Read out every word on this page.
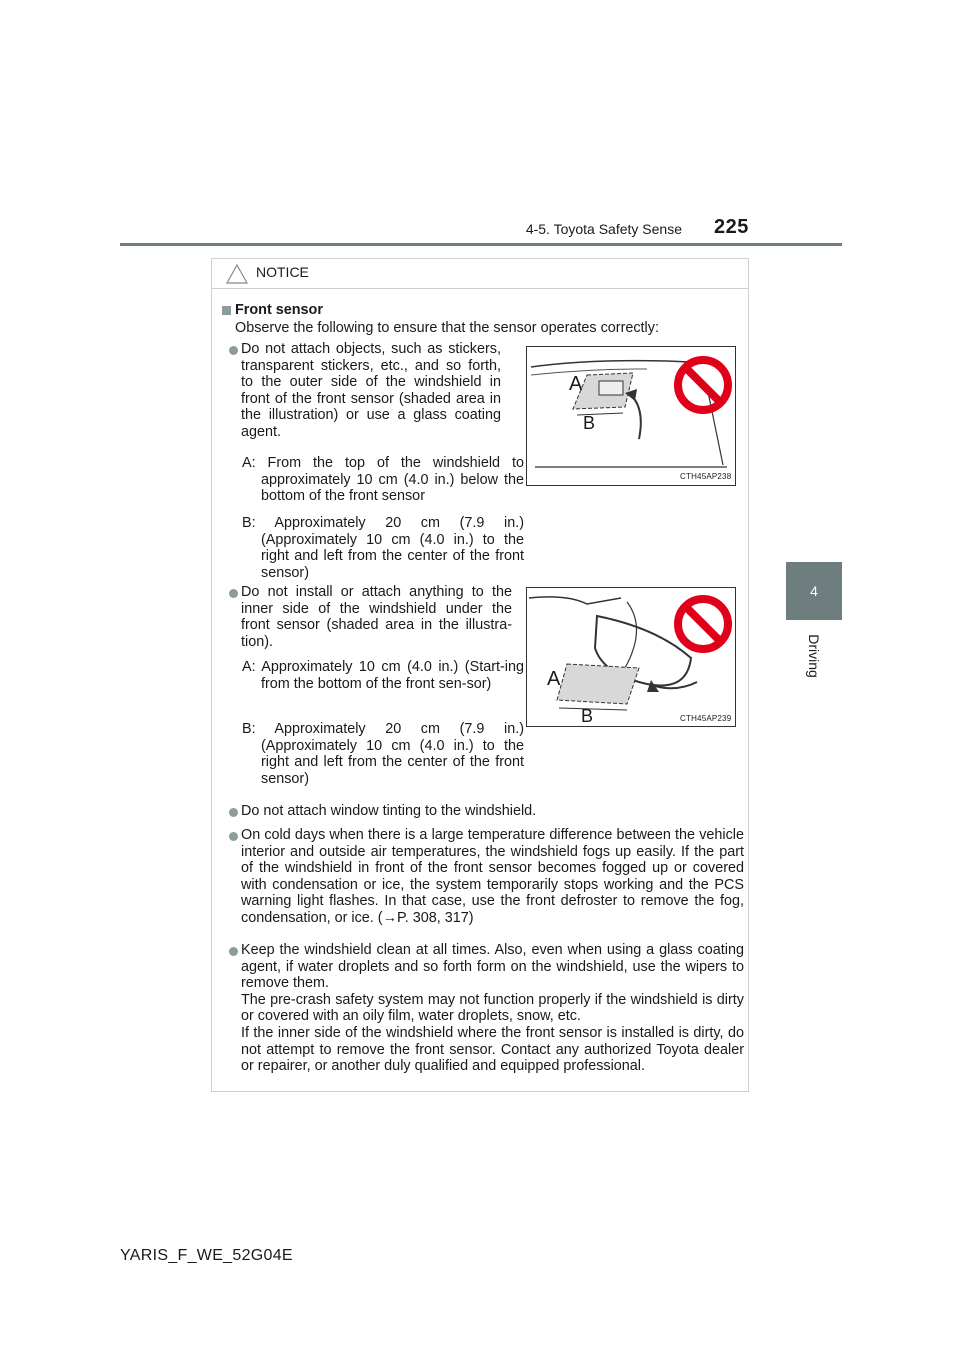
4-5. Toyota Safety Sense 225
4
Driving
NOTICE
Front sensor
Observe the following to ensure that the sensor operates correctly:
Do not attach objects, such as stickers, transparent stickers, etc., and so forth, to the outer side of the windshield in front of the front sensor (shaded area in the illustration) or use a glass coating agent.
A: From the top of the windshield to approximately 10 cm (4.0 in.) below the bottom of the front sensor
B: Approximately 20 cm (7.9 in.) (Approximately 10 cm (4.0 in.) to the right and left from the center of the front sensor)
A
B
CTH45AP238
Do not install or attach anything to the inner side of the windshield under the front sensor (shaded area in the illustra-tion).
A: Approximately 10 cm (4.0 in.) (Start-ing from the bottom of the front sen-sor)
B: Approximately 20 cm (7.9 in.) (Approximately 10 cm (4.0 in.) to the right and left from the center of the front sensor)
A
B	CTH45AP239
Do not attach window tinting to the windshield.
On cold days when there is a large temperature difference between the vehicle interior and outside air temperatures, the windshield fogs up easily. If the part of the windshield in front of the front sensor becomes fogged up or covered with condensation or ice, the system temporarily stops working and the PCS warning light flashes. In that case, use the front defroster to remove the fog, condensation, or ice. (→P. 308, 317)
Keep the windshield clean at all times. Also, even when using a glass coating agent, if water droplets and so forth form on the windshield, use the wipers to remove them.
The pre-crash safety system may not function properly if the windshield is dirty or covered with an oily film, water droplets, snow, etc.
If the inner side of the windshield where the front sensor is installed is dirty, do not attempt to remove the front sensor. Contact any authorized Toyota dealer or repairer, or another duly qualified and equipped professional.
YARIS_F_WE_52G04E
